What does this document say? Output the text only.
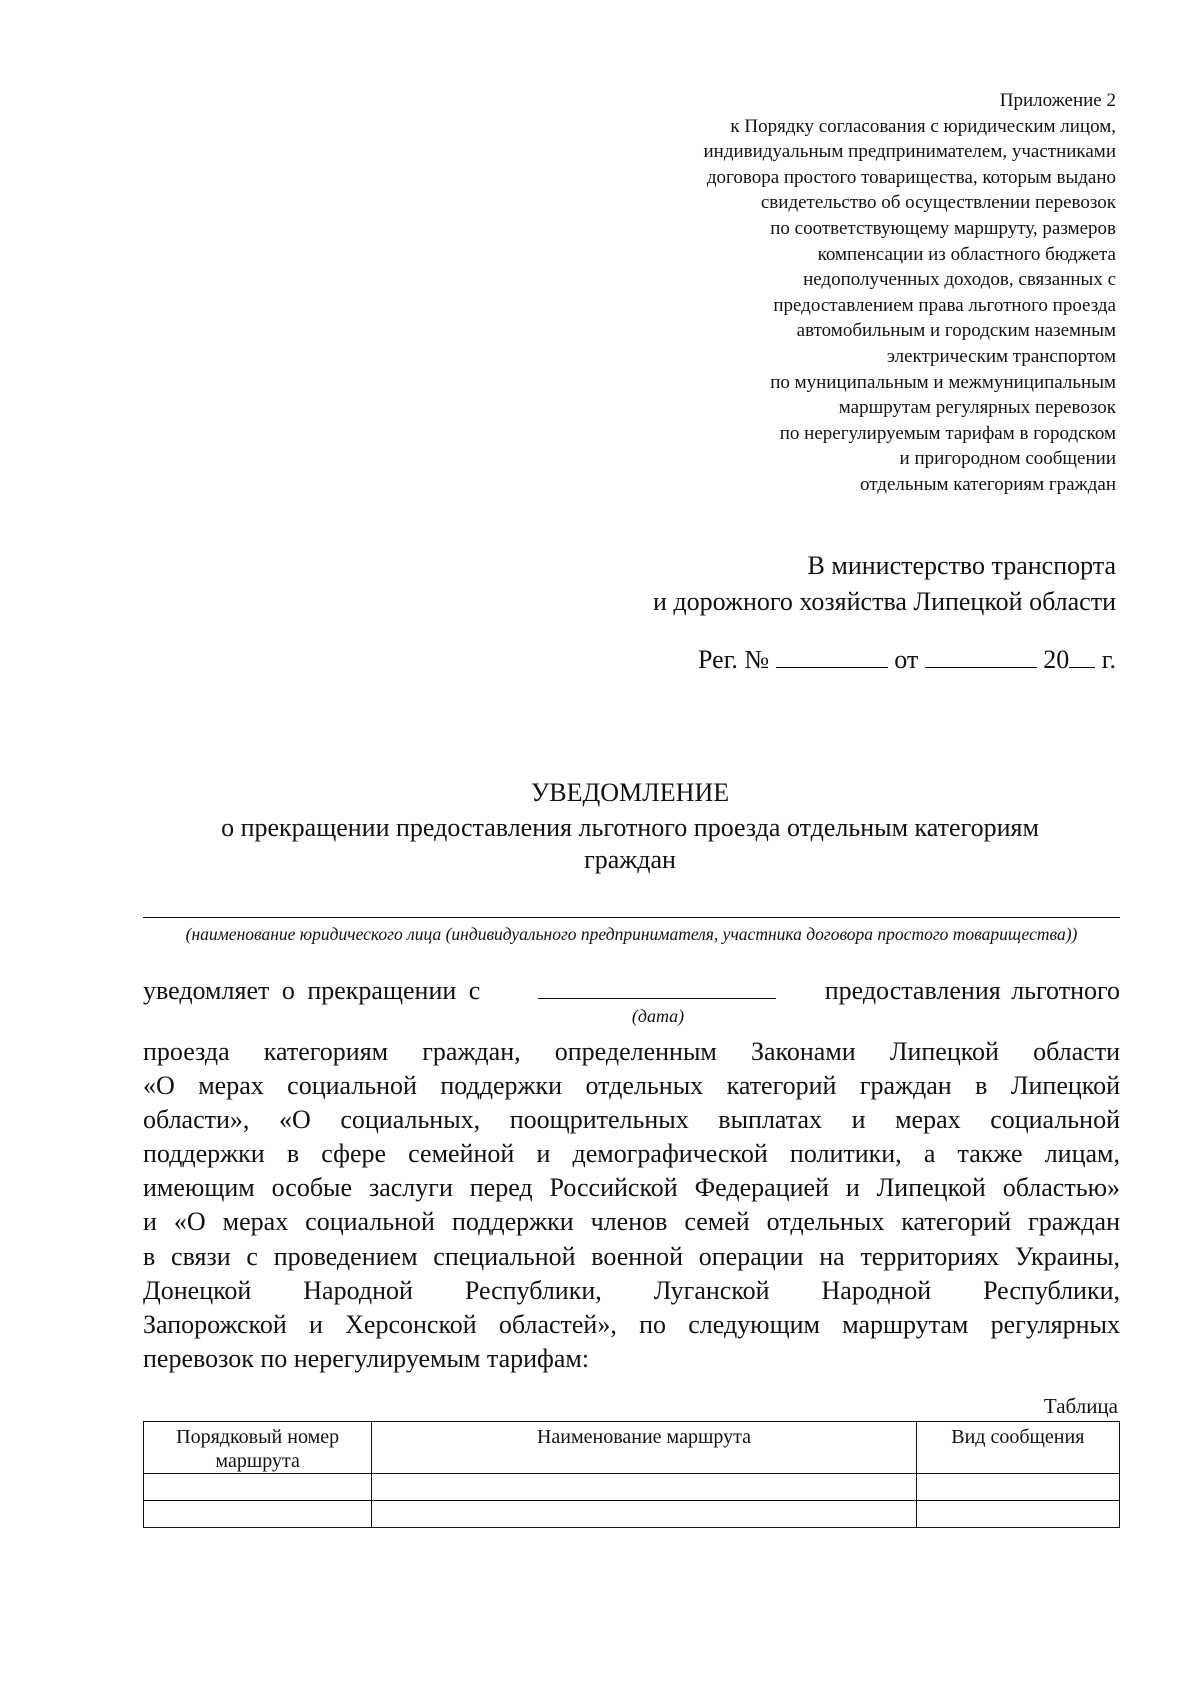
Приложение 2
к Порядку согласования с юридическим лицом,
индивидуальным предпринимателем, участниками
договора простого товарищества, которым выдано
свидетельство об осуществлении перевозок
по соответствующему маршруту, размеров
компенсации из областного бюджета
недополученных доходов, связанных с
предоставлением права льготного проезда
автомобильным и городским наземным
электрическим транспортом
по муниципальным и межмуниципальным
маршрутам регулярных перевозок
по нерегулируемым тарифам в городском
и пригородном сообщении
отдельным категориям граждан
В министерство транспорта
и дорожного хозяйства Липецкой области
Рег. №	от	20 г.
УВЕДОМЛЕНИЕ
о прекращении предоставления льготного проезда отдельным категориям граждан
(наименование юридического лица (индивидуального предпринимателя, участника договора простого товарищества))
уведомляет о прекращении с	предоставления льготного
(дата)
проезда категориям граждан, определенным Законами Липецкой области
«О мерах социальной поддержки отдельных категорий граждан в Липецкой
области», «О социальных, поощрительных выплатах и мерах социальной
поддержки в сфере семейной и демографической политики, а также лицам,
имеющим особые заслуги перед Российской Федерацией и Липецкой областью»
и «О мерах социальной поддержки членов семей отдельных категорий граждан
в связи с проведением специальной военной операции на территориях Украины,
Донецкой Народной Республики, Луганской Народной Республики,
Запорожской и Херсонской областей», по следующим маршрутам регулярных
перевозок по нерегулируемым тарифам:
Таблица
Порядковый номер маршрута	Наименование маршрута	Вид сообщения
